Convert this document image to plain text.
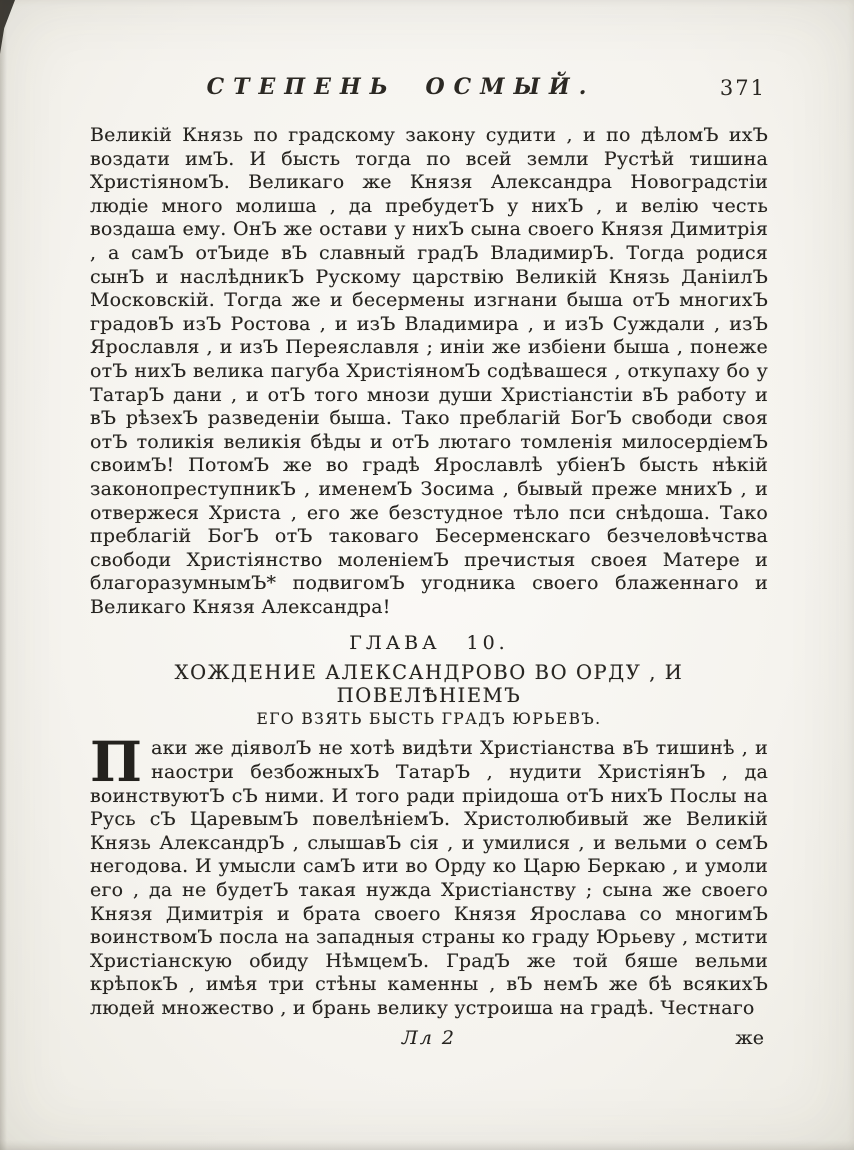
СТЕПЕНЬ ОСМЫЙ.	371

Великій Князь по градскому закону судити , и по дѣломЪ ихЪ воздати имЪ. И бысть тогда по всей земли Рустѣй тишина ХристіяномЪ. Великаго же Князя Александра Новоградстіи людіе много молиша , да пребудетЪ у нихЪ , и велію честь воздаша ему. ОнЪ же остави у нихЪ сына своего Князя Димитрія , а самЪ отЪиде вЪ славный градЪ ВладимирЪ. Тогда родися сынЪ и наслѣдникЪ Рускому царствію Великій Князь ДаніилЪ Московскій. Тогда же и бесермены изгнани быша отЪ многихЪ градовЪ изЪ Ростова , и изЪ Владимира , и изЪ Суждали , изЪ Ярославля , и изЪ Переяславля ; иніи же избіени быша , понеже отЪ нихЪ велика пагуба ХристіяномЪ содѣвашеся , откупаху бо у ТатарЪ дани , и отЪ того мнози души Христіанстіи вЪ работу и вЪ рѣзехЪ разведеніи быша. Тако преблагій БогЪ свободи своя отЪ толикія великія бѣды и отЪ лютаго томленія милосердіемЪ своимЪ! ПотомЪ же во градѣ Ярославлѣ убіенЪ бысть нѣкій законопреступникЪ , именемЪ Зосима , бывый преже мнихЪ , и отвержеся Христа , его же безстудное тѣло пси снѣдоша. Тако преблагій БогЪ отЪ таковаго Бесерменскаго безчеловѣчства свободи Христіянство моленіемЪ пречистыя своея Матере и благоразумнымЪ* подвигомЪ угодника своего блаженнаго и Великаго Князя Александра!

ГЛАВА 10.
ХОЖДЕНИЕ АЛЕКСАНДРОВО ВО ОРДУ , И ПОВЕЛѢНІЕМЪ
ЕГО ВЗЯТЬ БЫСТЬ ГРАДЪ ЮРЬЕВЪ.

Паки же діяволЪ не хотѣ видѣти Христіанства вЪ тишинѣ , и наостри безбожныхЪ ТатарЪ , нудити ХристіянЪ , да воинствуютЪ сЪ ними. И того ради пріидоша отЪ нихЪ Послы на Русь сЪ ЦаревымЪ повелѣніемЪ. Христолюбивый же Великій Князь АлександрЪ , слышавЪ сія , и умилися , и вельми о семЪ негодова. И умысли самЪ ити во Орду ко Царю Беркаю , и умоли его , да не будетЪ такая нужда Христіанству ; сына же своего Князя Димитрія и брата своего Князя Ярослава со многимЪ воинствомЪ посла на западныя страны ко граду Юрьеву , мстити Христіанскую обиду НѣмцемЪ. ГрадЪ же той бяше вельми крѣпокЪ , имѣя три стѣны каменны , вЪ немЪ же бѣ всякихЪ людей множество , и брань велику устроиша на градѣ. Честнаго

Лл 2	же
